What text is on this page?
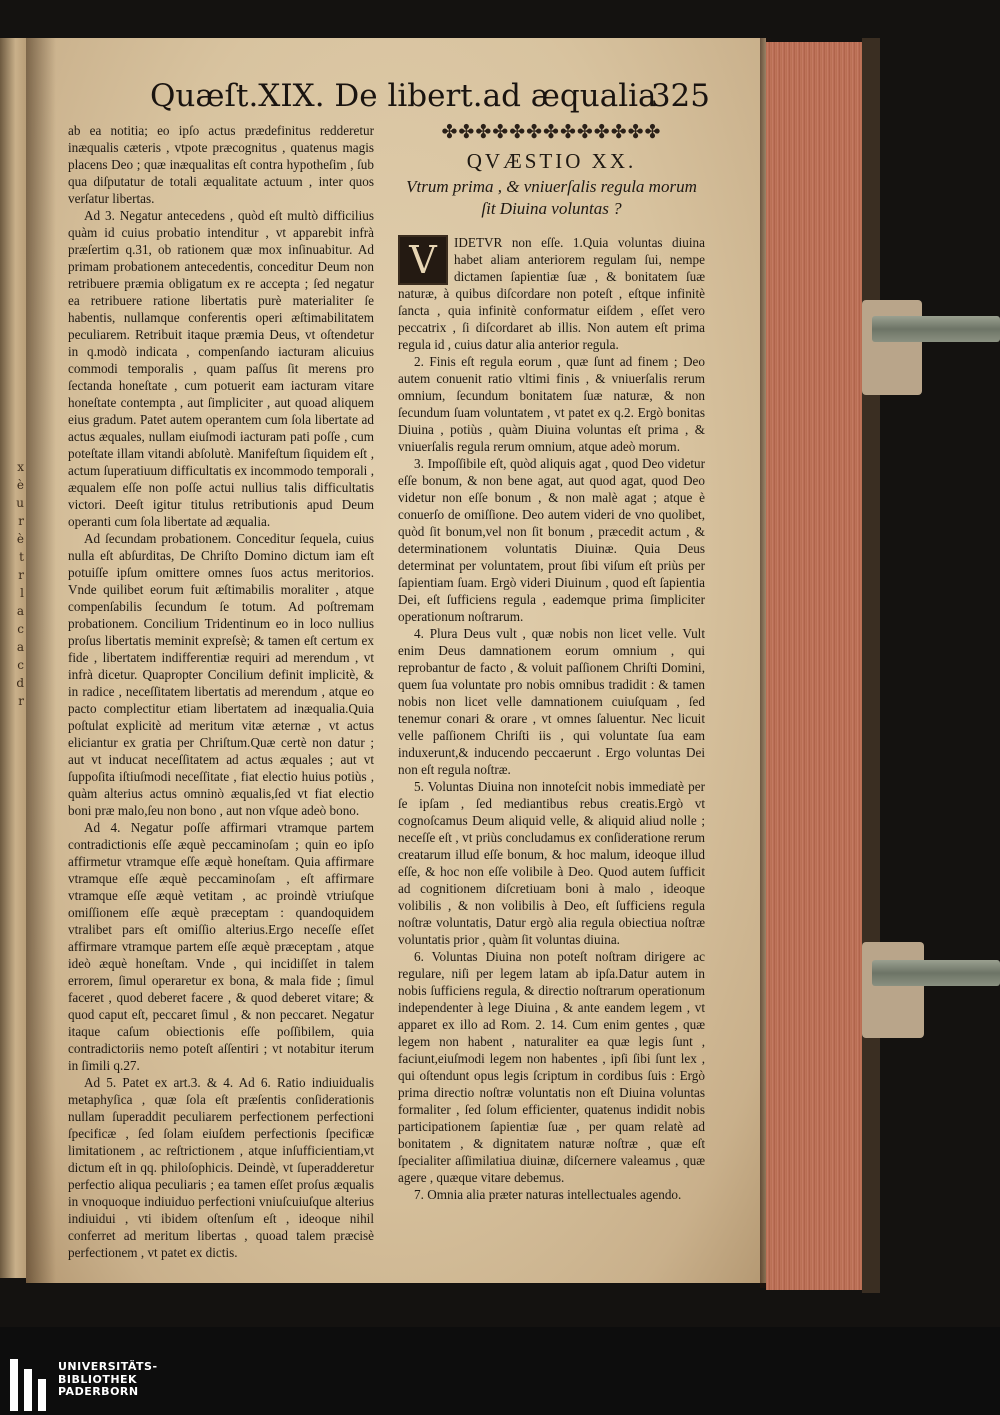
x
è
u
r
è
t
r
l
a
c
a
c
d
r
Quæſt.XIX. De libert.ad æqualia
325

ab ea notitia; eo ipſo actus prædefinitus redderetur inæqualis cæteris , vtpote præcognitus , quatenus magis placens Deo ; quæ inæqualitas eſt contra hypotheſim , ſub qua diſputatur de totali æqualitate actuum , inter quos verſatur libertas.

Ad 3. Negatur antecedens , quòd eſt multò difficilius quàm id cuius probatio intenditur , vt apparebit infrà præſertim q.31, ob rationem quæ mox inſinuabitur. Ad primam probationem antecedentis, conceditur Deum non retribuere præmia obligatum ex re accepta ; ſed negatur ea retribuere ratione libertatis purè materialiter ſe habentis, nullamque conferentis operi æſtimabilitatem peculiarem. Retribuit itaque præmia Deus, vt oſtendetur in q.modò indicata , compenſando iacturam alicuius commodi temporalis , quam paſſus ſit merens pro ſectanda honeſtate , cum potuerit eam iacturam vitare honeſtate contempta , aut ſimpliciter , aut quoad aliquem eius gradum. Patet autem operantem cum ſola libertate ad actus æquales, nullam eiuſmodi iacturam pati poſſe , cum poteſtate illam vitandi abſolutè. Manifeſtum ſiquidem eſt , actum ſuperatiuum difficultatis ex incommodo temporali , æqualem eſſe non poſſe actui nullius talis difficultatis victori. Deeſt igitur titulus retributionis apud Deum operanti cum ſola libertate ad æqualia.

Ad ſecundam probationem. Conceditur ſequela, cuius nulla eſt abſurditas, De Chriſto Domino dictum iam eſt potuiſſe ipſum omittere omnes ſuos actus meritorios. Vnde quilibet eorum fuit æſtimabilis moraliter , atque compenſabilis ſecundum ſe totum. Ad poſtremam probationem. Concilium Tridentinum eo in loco nullius proſus libertatis meminit expreſsè; & tamen eſt certum ex fide , libertatem indifferentiæ requiri ad merendum , vt infrà dicetur. Quapropter Concilium definit implicitè, & in radice , neceſſitatem libertatis ad merendum , atque eo pacto complectitur etiam libertatem ad inæqualia.Quia poſtulat explicitè ad meritum vitæ æternæ , vt actus eliciantur ex gratia per Chriſtum.Quæ certè non datur ; aut vt inducat neceſſitatem ad actus æquales ; aut vt ſuppoſita iſtiuſmodi neceſſitate , fiat electio huius potiùs , quàm alterius actus omninò æqualis,ſed vt fiat electio boni præ malo,ſeu non bono , aut non vſque adeò bono.

Ad 4. Negatur poſſe affirmari vtramque partem contradictionis eſſe æquè peccaminoſam ; quin eo ipſo affirmetur vtramque eſſe æquè honeſtam. Quia affirmare vtramque eſſe æquè peccaminoſam , eſt affirmare vtramque eſſe æquè vetitam , ac proindè vtriuſque omiſſionem eſſe æquè præceptam : quandoquidem vtralibet pars eſt omiſſio alterius.Ergo neceſſe eſſet affirmare vtramque partem eſſe æquè præceptam , atque ideò æquè honeſtam. Vnde , qui incidiſſet in talem errorem, ſimul operaretur ex bona, & mala fide ; ſimul faceret , quod deberet facere , & quod deberet vitare; & quod caput eſt, peccaret ſimul , & non peccaret. Negatur itaque caſum obiectionis eſſe poſſibilem, quia contradictoriis nemo poteſt aſſentiri ; vt notabitur iterum in ſimili q.27.

Ad 5. Patet ex art.3. & 4. Ad 6. Ratio indiuidualis metaphyſica , quæ ſola eſt præſentis conſiderationis nullam ſuperaddit peculiarem perfectionem perfectioni ſpecificæ , ſed ſolam eiuſdem perfectionis ſpecificæ limitationem , ac reſtrictionem , atque inſufficientiam,vt dictum eſt in qq. philoſophicis. Deindè, vt ſuperadderetur perfectio aliqua peculiaris ; ea tamen eſſet proſus æqualis in vnoquoque indiuiduo perfectioni vniuſcuiuſque alterius indiuidui , vti ibidem oſtenſum eſt , ideoque nihil conferret ad meritum libertas , quoad talem præcisè perfectionem , vt patet ex dictis.

✤✤✤✤✤✤✤✤✤✤✤✤✤
QVÆSTIO XX.
Vtrum prima , & vniuerſalis regula morum ſit Diuina voluntas ?

V	IDETVR non eſſe. 1.Quia voluntas diuina habet aliam anteriorem regulam ſui, nempe dictamen ſapientiæ ſuæ , & bonitatem ſuæ naturæ, à quibus diſcordare non poteſt , eſtque infinitè ſancta , quia infinitè conformatur eiſdem , eſſet vero peccatrix , ſi diſcordaret ab illis. Non autem eſt prima regula id , cuius datur alia anterior regula.

2. Finis eſt regula eorum , quæ ſunt ad finem ; Deo autem conuenit ratio vltimi finis , & vniuerſalis rerum omnium, ſecundum bonitatem ſuæ naturæ, & non ſecundum ſuam voluntatem , vt patet ex q.2. Ergò bonitas Diuina , potiùs , quàm Diuina voluntas eſt prima , & vniuerſalis regula rerum omnium, atque adeò morum.

3. Impoſſibile eſt, quòd aliquis agat , quod Deo videtur eſſe bonum, & non bene agat, aut quod agat, quod Deo videtur non eſſe bonum , & non malè agat ; atque è conuerſo de omiſſione. Deo autem videri de vno quolibet, quòd ſit bonum,vel non ſit bonum , præcedit actum , & determinationem voluntatis Diuinæ. Quia Deus determinat per voluntatem, prout ſibi viſum eſt priùs per ſapientiam ſuam. Ergò videri Diuinum , quod eſt ſapientia Dei, eſt ſufficiens regula , eademque prima ſimpliciter operationum noſtrarum.

4. Plura Deus vult , quæ nobis non licet velle. Vult enim Deus damnationem eorum omnium , qui reprobantur de facto , & voluit paſſionem Chriſti Domini, quem ſua voluntate pro nobis omnibus tradidit : & tamen nobis non licet velle damnationem cuiuſquam , ſed tenemur conari & orare , vt omnes ſaluentur. Nec licuit velle paſſionem Chriſti iis , qui voluntate ſua eam induxerunt,& inducendo peccaerunt . Ergo voluntas Dei non eſt regula noſtræ.

5. Voluntas Diuina non innoteſcit nobis immediatè per ſe ipſam , ſed mediantibus rebus creatis.Ergò vt cognoſcamus Deum aliquid velle, & aliquid aliud nolle ; neceſſe eſt , vt priùs concludamus ex conſideratione rerum creatarum illud eſſe bonum, & hoc malum, ideoque illud eſſe, & hoc non eſſe volibile à Deo. Quod autem ſufficit ad cognitionem diſcretiuam boni à malo , ideoque volibilis , & non volibilis à Deo, eſt ſufficiens regula noſtræ voluntatis, Datur ergò alia regula obiectiua noſtræ voluntatis prior , quàm ſit voluntas diuina.

6. Voluntas Diuina non poteſt noſtram dirigere ac regulare, niſi per legem latam ab ipſa.Datur autem in nobis ſufficiens regula, & directio noſtrarum operationum independenter à lege Diuina , & ante eandem legem , vt apparet ex illo ad Rom. 2. 14. Cum enim gentes , quæ legem non habent , naturaliter ea quæ legis ſunt , faciunt,eiuſmodi legem non habentes , ipſi ſibi ſunt lex , qui oſtendunt opus legis ſcriptum in cordibus ſuis : Ergò prima directio noſtræ voluntatis non eſt Diuina voluntas formaliter , ſed ſolum efficienter, quatenus indidit nobis participationem ſapientiæ ſuæ , per quam relatè ad bonitatem , & dignitatem naturæ noſtræ , quæ eſt ſpecialiter aſſimilatiua diuinæ, diſcernere valeamus , quæ agere , quæque vitare debemus.

7. Omnia alia præter naturas intellectuales agendo.

UNIVERSITÄTS-
BIBLIOTHEK
PADERBORN
